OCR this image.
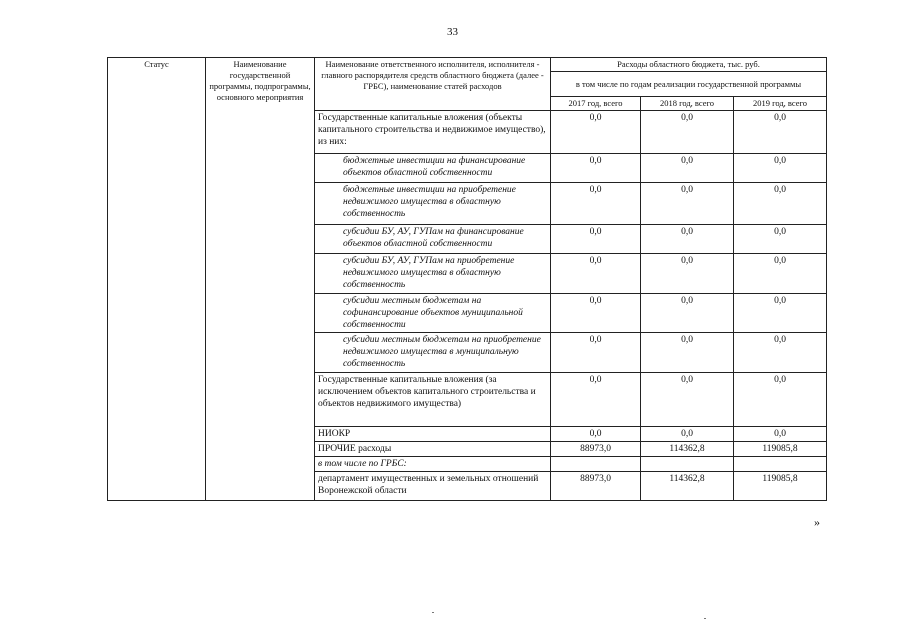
33
Статус	Наименование государственной программы, подпрограммы, основного мероприятия	Наименование ответственного исполнителя, исполнителя - главного распорядителя средств областного бюджета (далее - ГРБС), наименование статей расходов	Расходы областного бюджета, тыс. руб.		
			в том числе по годам реализации государственной программы		
			2017 год, всего	2018 год, всего	2019 год, всего
		Государственные капитальные вложения (объекты капитального строительства и недвижимое имущество), из них:	0,0	0,0	0,0
		бюджетные инвестиции на финансирование объектов областной собственности	0,0	0,0	0,0
		бюджетные инвестиции на приобретение недвижимого имущества в областную собственность	0,0	0,0	0,0
		субсидии БУ, АУ, ГУПам на финансирование объектов областной собственности	0,0	0,0	0,0
		субсидии БУ, АУ, ГУПам на приобретение недвижимого имущества в областную собственность	0,0	0,0	0,0
		субсидии местным бюджетам на софинансирование объектов муниципальной собственности	0,0	0,0	0,0
		субсидии местным бюджетам на приобретение недвижимого имущества в муниципальную собственность	0,0	0,0	0,0
		Государственные капитальные вложения (за исключением объектов капитального строительства и объектов недвижимого имущества)	0,0	0,0	0,0
		НИОКР	0,0	0,0	0,0
		ПРОЧИЕ расходы	88973,0	114362,8	119085,8
		в том числе по ГРБС:			
		департамент имущественных и земельных отношений Воронежской области	88973,0	114362,8	119085,8
»
